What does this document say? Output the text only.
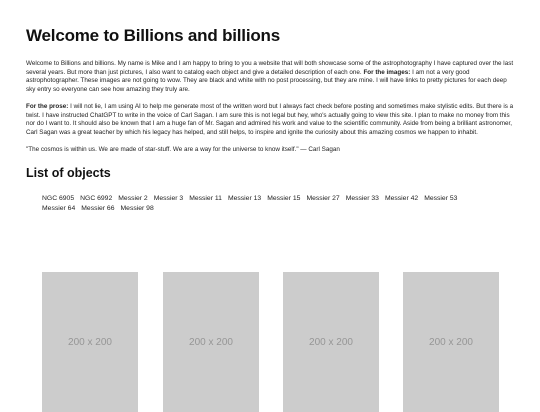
Welcome to Billions and billions

Welcome to Billions and billions. My name is Mike and I am happy to bring to you a website that will both showcase some of the astrophotography I have captured over the last several years. But more than just pictures, I also want to catalog each object and give a detailed description of each one. For the images: I am not a very good astrophotographer. These images are not going to wow. They are black and white with no post processing, but they are mine. I will have links to pretty pictures for each deep sky entry so everyone can see how amazing they truly are.

For the prose: I will not lie, I am using AI to help me generate most of the written word but I always fact check before posting and sometimes make stylistic edits. But there is a twist. I have instructed ChatGPT to write in the voice of Carl Sagan. I am sure this is not legal but hey, who's actually going to view this site. I plan to make no money from this nor do I want to. It should also be known that I am a huge fan of Mr. Sagan and admired his work and value to the scientific community. Aside from being a brilliant astronomer, Carl Sagan was a great teacher by which his legacy has helped, and still helps, to inspire and ignite the curiosity about this amazing cosmos we happen to inhabit.

"The cosmos is within us. We are made of star-stuff. We are a way for the universe to know itself." — Carl Sagan

List of objects
NGC 6905 NGC 6992 Messier 2 Messier 3 Messier 11 Messier 13 Messier 15 Messier 27 Messier 33 Messier 42 Messier 53
Messier 64 Messier 66 Messier 98
200 x 200	200 x 200	200 x 200	200 x 200
